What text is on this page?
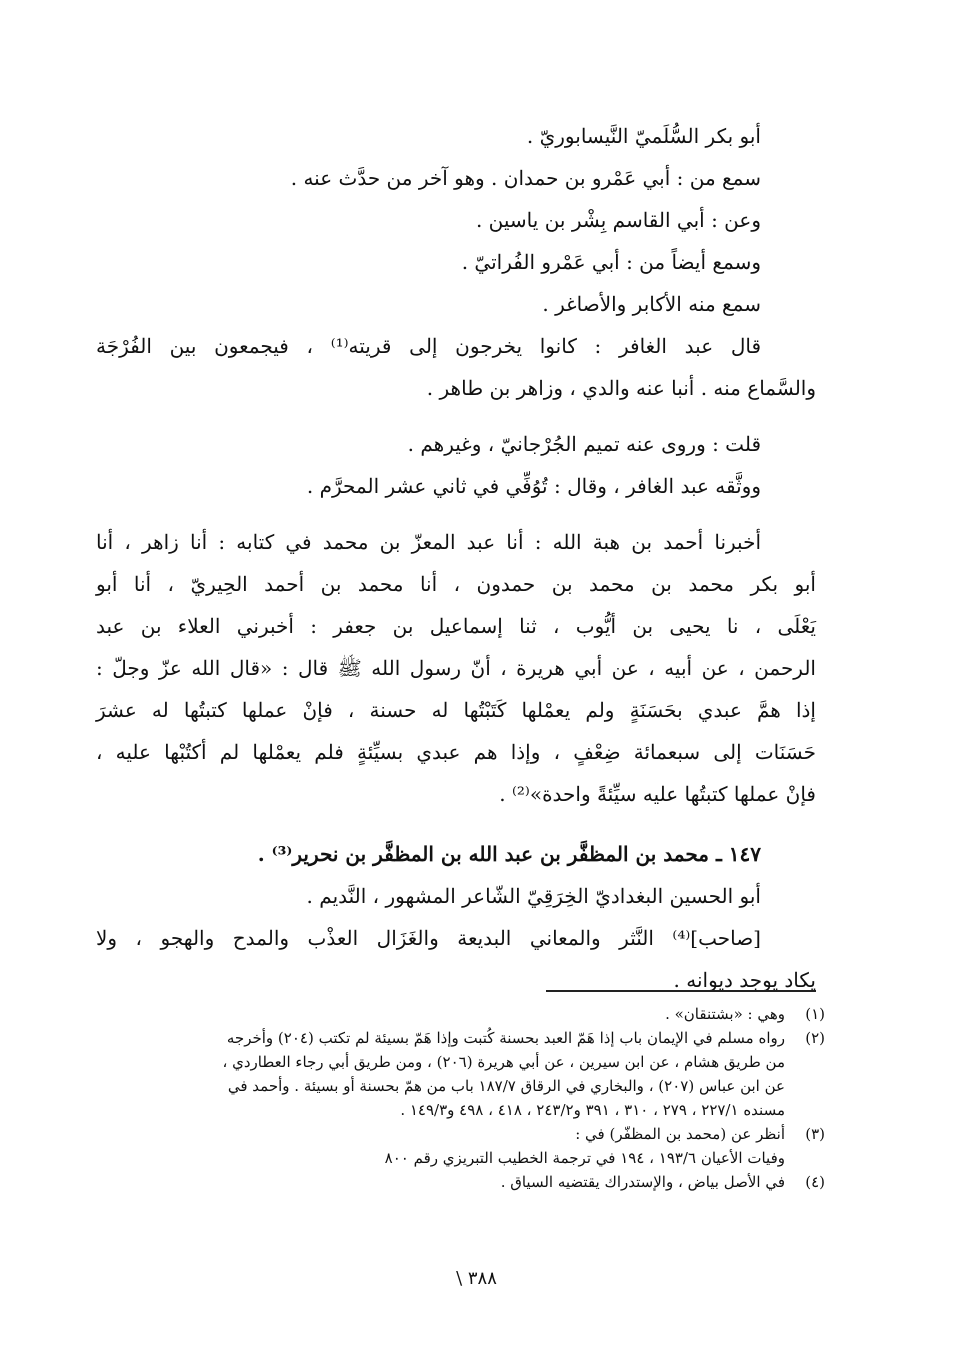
أبو بكر السُّلَميّ النَّيسابوريّ .
سمع من : أبي عَمْرو بن حمدان . وهو آخر من حدَّث عنه .
وعن : أبي القاسم بِشْر بن ياسين .
وسمع أيضاً من : أبي عَمْرو الفُراتيّ .
سمع منه الأكابر والأصاغر .
قال عبد الغافر : كانوا يخرجون إلى قريته⁽¹⁾ ، فيجمعون بين الفُرْجَة
والسَّماع منه . أنبا عنه والدي ، وزاهر بن طاهر .
قلت : وروى عنه تميم الجُرْجانيّ ، وغيرهم .
ووثَّقه عبد الغافر ، وقال : تُوُفِّي في ثاني عشر المحرَّم .
أخبرنا أحمد بن هبة الله : أنا عبد المعزّ بن محمد في كتابه : أنا زاهر ، أنا
أبو بكر محمد بن محمد بن حمدون ، أنا محمد بن أحمد الحِيريّ ، أنا أبو
يَعْلَى ، نا يحيى بن أيُّوب ، ثنا إسماعيل بن جعفر : أخبرني العلاء بن عبد
الرحمن ، عن أبيه ، عن أبي هريرة ، أنّ رسول الله ﷺ قال : «قال الله عزّ وجلّ :
إذا همَّ عبدي بحَسَنَةٍ ولم يعمْلها كَتَبْتُها له حسنة ، فإنْ عملها كتبتُها له عشرَ
حَسَنَات إلى سبعمائة ضِعْفٍ ، وإذا هم عبدي بسيِّئةٍ فلم يعمْلها لم أكتُبْها عليه ،
فإنْ عملها كتبتُها عليه سيِّئةً واحدة»⁽²⁾ .
١٤٧ ـ محمد بن المظفَّر بن عبد الله بن المظفَّر بن نحرير⁽³⁾ .
أبو الحسين البغداديّ الخِرَقِيّ الشّاعر المشهور ، النَّديم .
[صاحب]⁽⁴⁾ النَّثر والمعاني البديعة والغَزَال العذْب والمدح والهجو ، ولا
يكاد يوجد ديوانه .
(١)
وهي : «بشتنقان» .
(٢)
رواه مسلم في الإيمان باب إذا هَمّ العبد بحسنة كُتبت وإذا هَمّ بسيئة لم تكتب (٢٠٤) وأخرجه
من طريق هشام ، عن ابن سيرين ، عن أبي هريرة (٢٠٦) ، ومن طريق أبي رجاء العطاردي ،
عن ابن عباس (٢٠٧) ، والبخاري في الرقاق ١٨٧/٧ باب من همّ بحسنة أو بسيئة . وأحمد في
مسنده ٢٢٧/١ ، ٢٧٩ ، ٣١٠ ، ٣٩١ و٢٤٣/٢ ، ٤١٨ ، ٤٩٨ و١٤٩/٣ .
(٣)
أنظر عن (محمد بن المظفّر) في :
وفيات الأعيان ١٩٣/٦ ، ١٩٤ في ترجمة الخطيب التبريزي رقم ٨٠٠
(٤)
في الأصل بياض ، والإستدراك يقتضيه السياق .
٣٨٨ \
